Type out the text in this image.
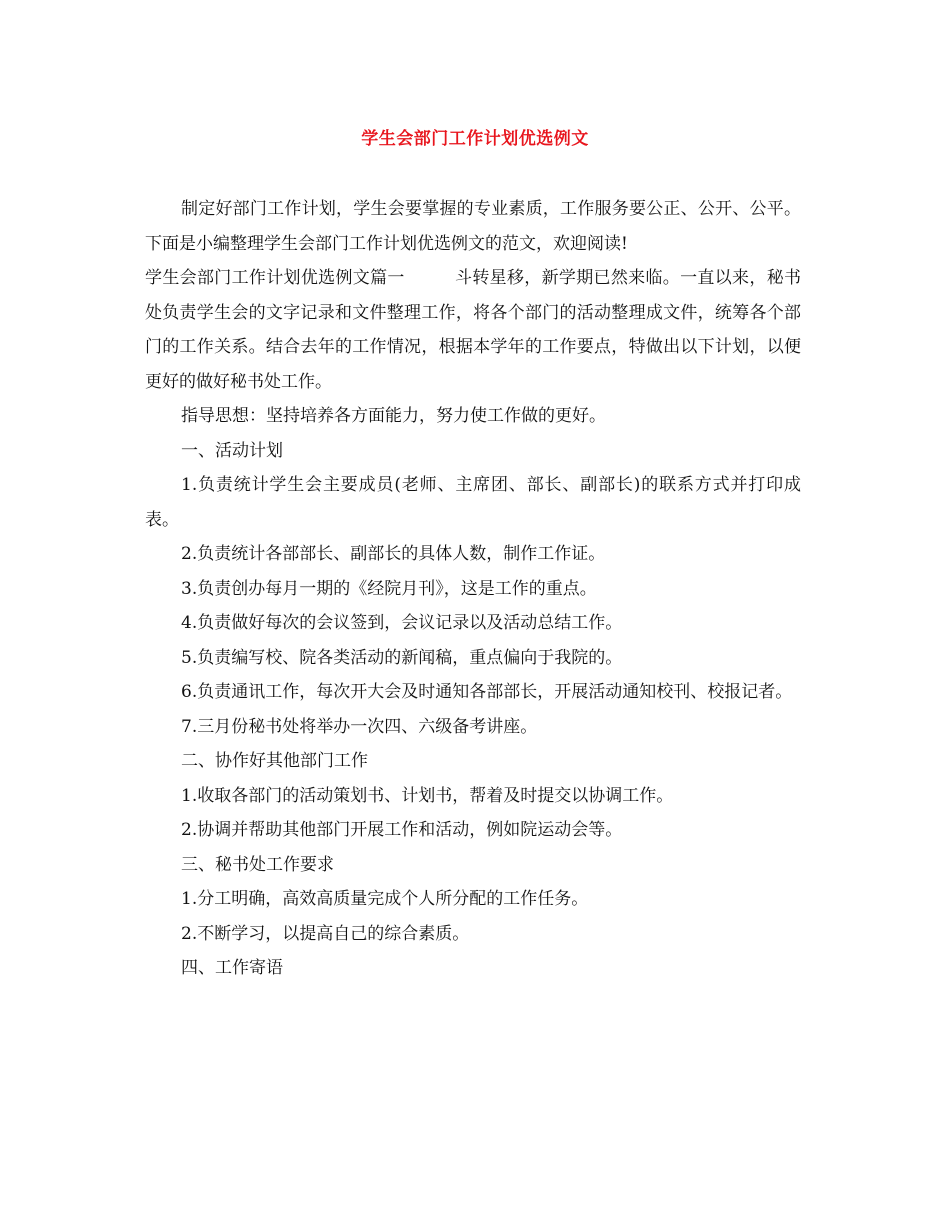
学生会部门工作计划优选例文

制定好部门工作计划，学生会要掌握的专业素质，工作服务要公正、公开、公平。下面是小编整理学生会部门工作计划优选例文的范文，欢迎阅读!

学生会部门工作计划优选例文篇一	斗转星移，新学期已然来临。一直以来，秘书处负责学生会的文字记录和文件整理工作，将各个部门的活动整理成文件，统筹各个部门的工作关系。结合去年的工作情况，根据本学年的工作要点，特做出以下计划，以便更好的做好秘书处工作。

指导思想：坚持培养各方面能力，努力使工作做的更好。

一、活动计划

1.负责统计学生会主要成员(老师、主席团、部长、副部长)的联系方式并打印成表。

2.负责统计各部部长、副部长的具体人数，制作工作证。

3.负责创办每月一期的《经院月刊》，这是工作的重点。

4.负责做好每次的会议签到，会议记录以及活动总结工作。

5.负责编写校、院各类活动的新闻稿，重点偏向于我院的。

6.负责通讯工作，每次开大会及时通知各部部长，开展活动通知校刊、校报记者。

7.三月份秘书处将举办一次四、六级备考讲座。

二、协作好其他部门工作

1.收取各部门的活动策划书、计划书，帮着及时提交以协调工作。

2.协调并帮助其他部门开展工作和活动，例如院运动会等。

三、秘书处工作要求

1.分工明确，高效高质量完成个人所分配的工作任务。

2.不断学习，以提高自己的综合素质。

四、工作寄语
